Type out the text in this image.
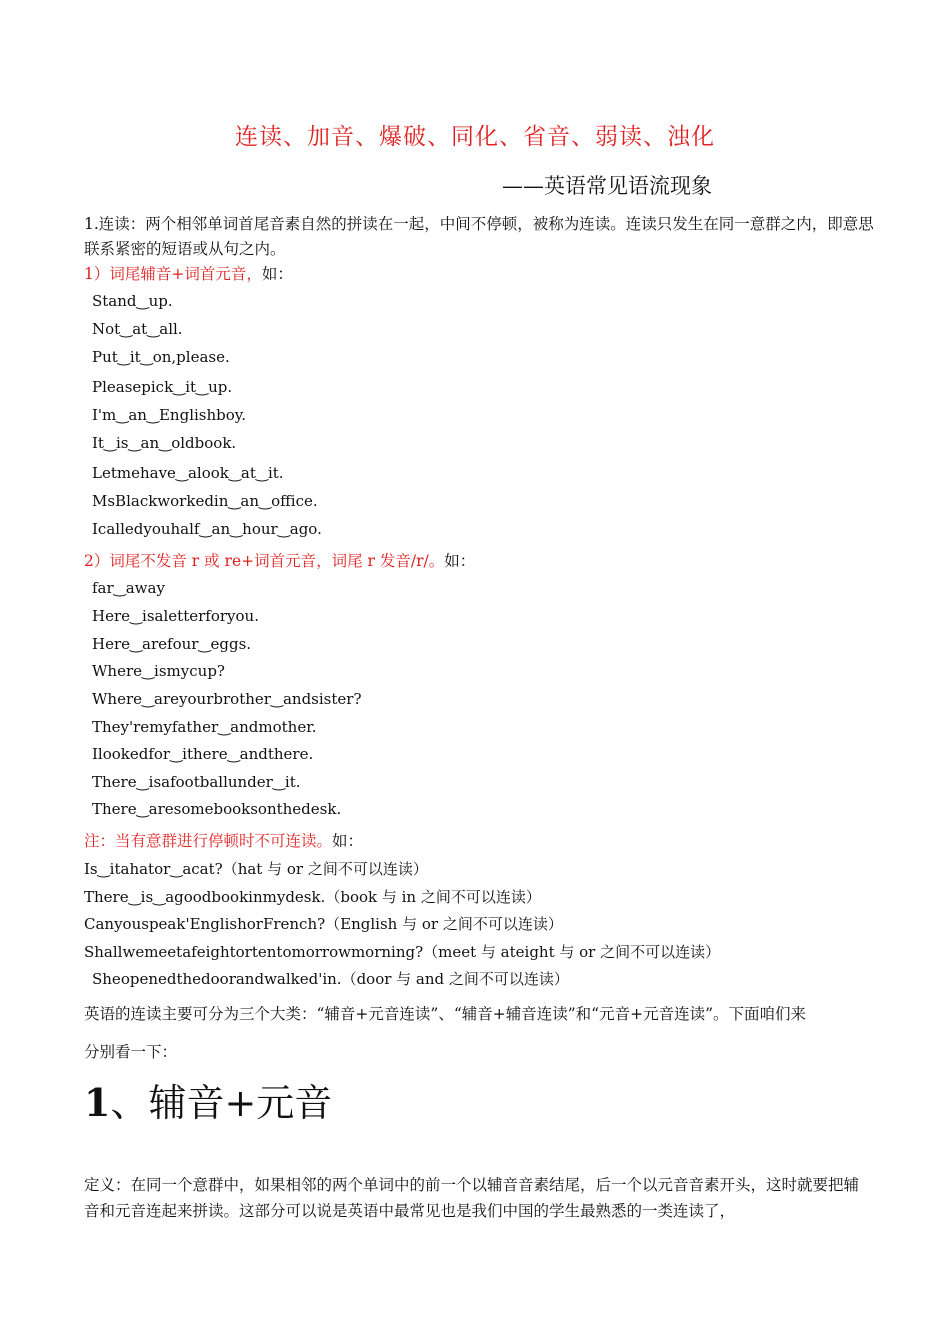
连读、加音、爆破、同化、省音、弱读、浊化
——英语常见语流现象
1.连读：两个相邻单词首尾音素自然的拼读在一起，中间不停顿，被称为连读。连读只发生在同一意群之内，即意思联系紧密的短语或从句之内。
1）词尾辅音+词首元音，如：
Stand‿up.
Not‿at‿all.
Put‿it‿on,please.
Pleasepick‿it‿up.
I'm‿an‿Englishboy.
It‿is‿an‿oldbook.
Letmehave‿alook‿at‿it.
MsBlackworkedin‿an‿office.
Icalledyouhalf‿an‿hour‿ago.
2）词尾不发音 r 或 re+词首元音，词尾 r 发音/r/。如：
far‿away
Here‿isaletterforyou.
Here‿arefour‿eggs.
Where‿ismycup?
Where‿areyourbrother‿andsister?
They'remyfather‿andmother.
Ilookedfor‿ithere‿andthere.
There‿isafootballunder‿it.
There‿aresomebooksonthedesk.
注：当有意群进行停顿时不可连读。如：
Is‿itahator‿acat?（hat 与 or 之间不可以连读）
There‿is‿agoodbookinmydesk.（book 与 in 之间不可以连读）
Canyouspeak'EnglishorFrench?（English 与 or 之间不可以连读）
Shallwemeetafeightortentomorrowmorning?（meet 与 ateight 与 or 之间不可以连读）
Sheopenedthedoorandwalked'in.（door 与 and 之间不可以连读）
英语的连读主要可分为三个大类：“辅音+元音连读”、“辅音+辅音连读”和“元音+元音连读”。下面咱们来
分别看一下：
1、辅音+元音
定义：在同一个意群中，如果相邻的两个单词中的前一个以辅音音素结尾，后一个以元音音素开头，这时就要把辅音和元音连起来拼读。这部分可以说是英语中最常见也是我们中国的学生最熟悉的一类连读了，
